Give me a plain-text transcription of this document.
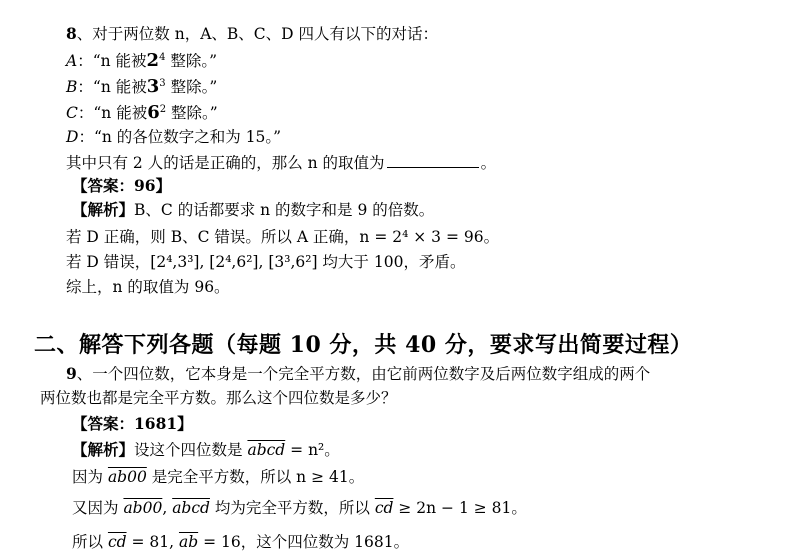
8、对于两位数 n，A、B、C、D 四人有以下的对话：
A：“n 能被$2^4$ 整除。”
B：“n 能被$3^3$ 整除。”
C：“n 能被$6^2$ 整除。”
D：“n 的各位数字之和为 15。”
其中只有 2 人的话是正确的，那么 n 的取值为	。
【答案：96】
【解析】B、C 的话都要求 n 的数字和是 9 的倍数。
若 D 正确，则 B、C 错误。所以 A 正确，n = 2⁴ × 3 = 96。
若 D 错误，[2⁴,3³], [2⁴,6²], [3³,6²] 均大于 100，矛盾。
综上，n 的取值为 96。
二、解答下列各题（每题 10 分，共 40 分，要求写出简要过程）
9、一个四位数，它本身是一个完全平方数，由它前两位数字及后两位数字组成的两个
两位数也都是完全平方数。那么这个四位数是多少？
【答案：1681】
【解析】设这个四位数是 abcd = n²。
因为 ab00 是完全平方数，所以 n ≥ 41。
又因为 ab00, abcd 均为完全平方数，所以 $\overline{cd} \ge 2n - 1 \ge 81$。
所以 $\overline{cd} = 81$, $\overline{ab} = 16$，这个四位数为 1681。
